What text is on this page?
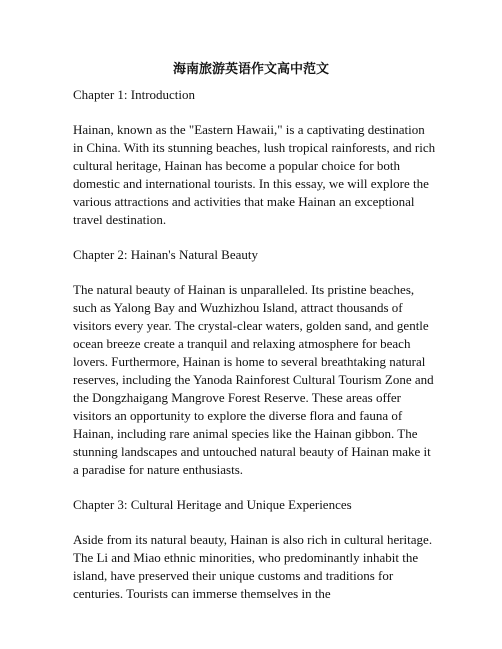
海南旅游英语作文高中范文
Chapter 1: Introduction

Hainan, known as the "Eastern Hawaii," is a captivating destination in China. With its stunning beaches, lush tropical rainforests, and rich cultural heritage, Hainan has become a popular choice for both domestic and international tourists. In this essay, we will explore the various attractions and activities that make Hainan an exceptional travel destination.

Chapter 2: Hainan's Natural Beauty

The natural beauty of Hainan is unparalleled. Its pristine beaches, such as Yalong Bay and Wuzhizhou Island, attract thousands of visitors every year. The crystal-clear waters, golden sand, and gentle ocean breeze create a tranquil and relaxing atmosphere for beach lovers. Furthermore, Hainan is home to several breathtaking natural reserves, including the Yanoda Rainforest Cultural Tourism Zone and the Dongzhaigang Mangrove Forest Reserve. These areas offer visitors an opportunity to explore the diverse flora and fauna of Hainan, including rare animal species like the Hainan gibbon. The stunning landscapes and untouched natural beauty of Hainan make it a paradise for nature enthusiasts.

Chapter 3: Cultural Heritage and Unique Experiences

Aside from its natural beauty, Hainan is also rich in cultural heritage. The Li and Miao ethnic minorities, who predominantly inhabit the island, have preserved their unique customs and traditions for centuries. Tourists can immerse themselves in the
